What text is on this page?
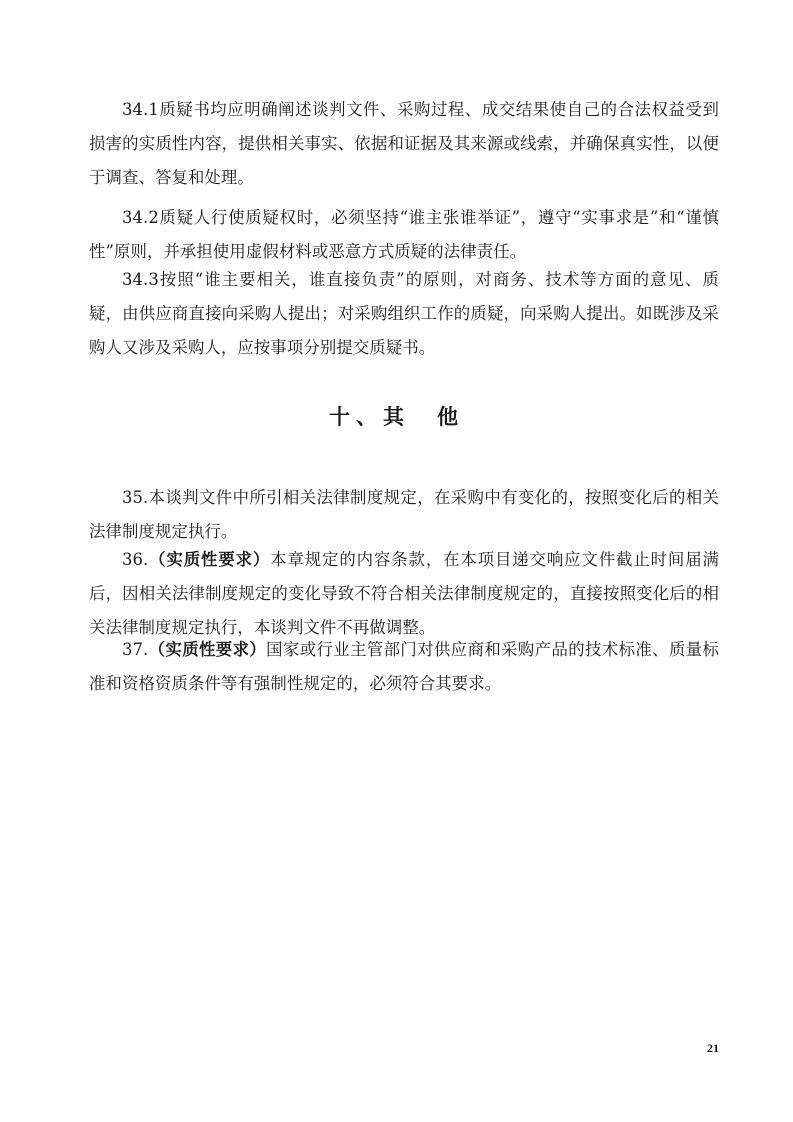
34.1质疑书均应明确阐述谈判文件、采购过程、成交结果使自己的合法权益受到损害的实质性内容，提供相关事实、依据和证据及其来源或线索，并确保真实性，以便于调查、答复和处理。

34.2质疑人行使质疑权时，必须坚持“谁主张谁举证”，遵守“实事求是”和“谨慎性”原则，并承担使用虚假材料或恶意方式质疑的法律责任。

34.3按照“谁主要相关，谁直接负责”的原则，对商务、技术等方面的意见、质疑，由供应商直接向采购人提出；对采购组织工作的质疑，向采购人提出。如既涉及采购人又涉及采购人，应按事项分别提交质疑书。

十、其　他

35.本谈判文件中所引相关法律制度规定，在采购中有变化的，按照变化后的相关法律制度规定执行。

36.（实质性要求）本章规定的内容条款，在本项目递交响应文件截止时间届满后，因相关法律制度规定的变化导致不符合相关法律制度规定的，直接按照变化后的相关法律制度规定执行，本谈判文件不再做调整。

37.（实质性要求）国家或行业主管部门对供应商和采购产品的技术标准、质量标准和资格资质条件等有强制性规定的，必须符合其要求。

21
